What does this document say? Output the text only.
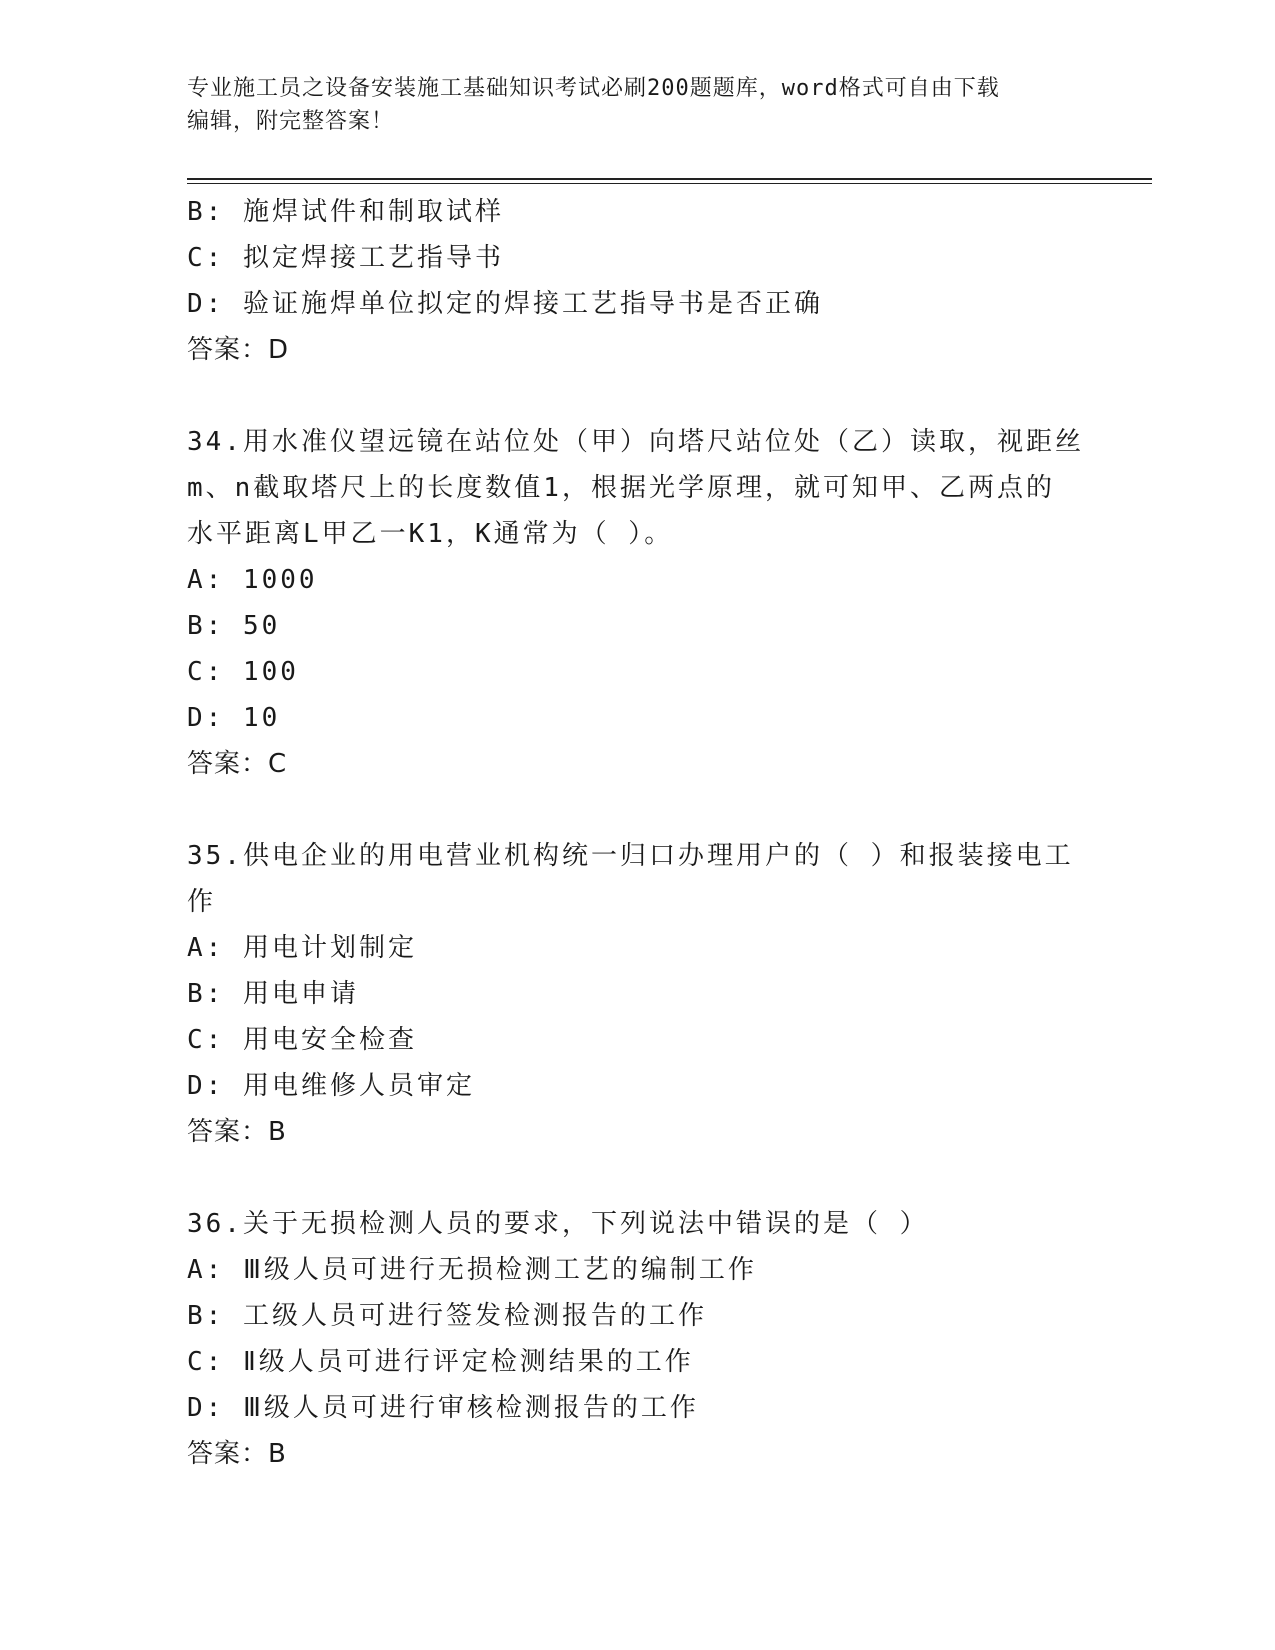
专业施工员之设备安装施工基础知识考试必刷200题题库，word格式可自由下载
编辑，附完整答案！
B: 施焊试件和制取试样
C: 拟定焊接工艺指导书
D: 验证施焊单位拟定的焊接工艺指导书是否正确
答案：D
34.用水准仪望远镜在站位处（甲）向塔尺站位处（乙）读取，视距丝
m、n截取塔尺上的长度数值1，根据光学原理，就可知甲、乙两点的
水平距离L甲乙一K1，K通常为（ ）。
A: 1000
B: 50
C: 100
D: 10
答案：C
35.供电企业的用电营业机构统一归口办理用户的（ ）和报装接电工
作
A: 用电计划制定
B: 用电申请
C: 用电安全检查
D: 用电维修人员审定
答案：B
36.关于无损检测人员的要求，下列说法中错误的是（ ）
A: Ⅲ级人员可进行无损检测工艺的编制工作
B: 工级人员可进行签发检测报告的工作
C: Ⅱ级人员可进行评定检测结果的工作
D: Ⅲ级人员可进行审核检测报告的工作
答案：B
